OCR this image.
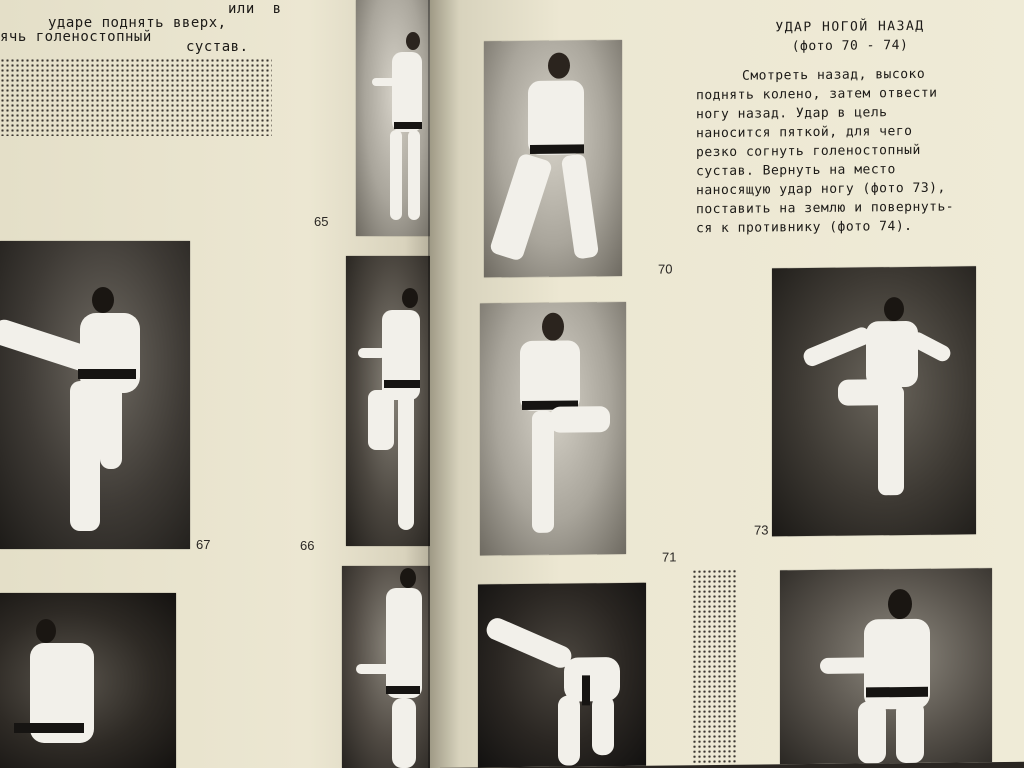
или  в
ударе поднять вверх,
ячь голеностопный
сустав.
65
67	66
УДАР НОГОЙ НАЗАД
(фото 70 - 74)
Смотреть назад, высоко
поднять колено, затем отвести
ногу назад. Удар в цель
наносится пяткой, для чего
резко согнуть голеностопный
сустав. Вернуть на место
наносящую удар ногу (фото 73),
поставить на землю и повернуть-
ся к противнику (фото 74).
70
71
73
